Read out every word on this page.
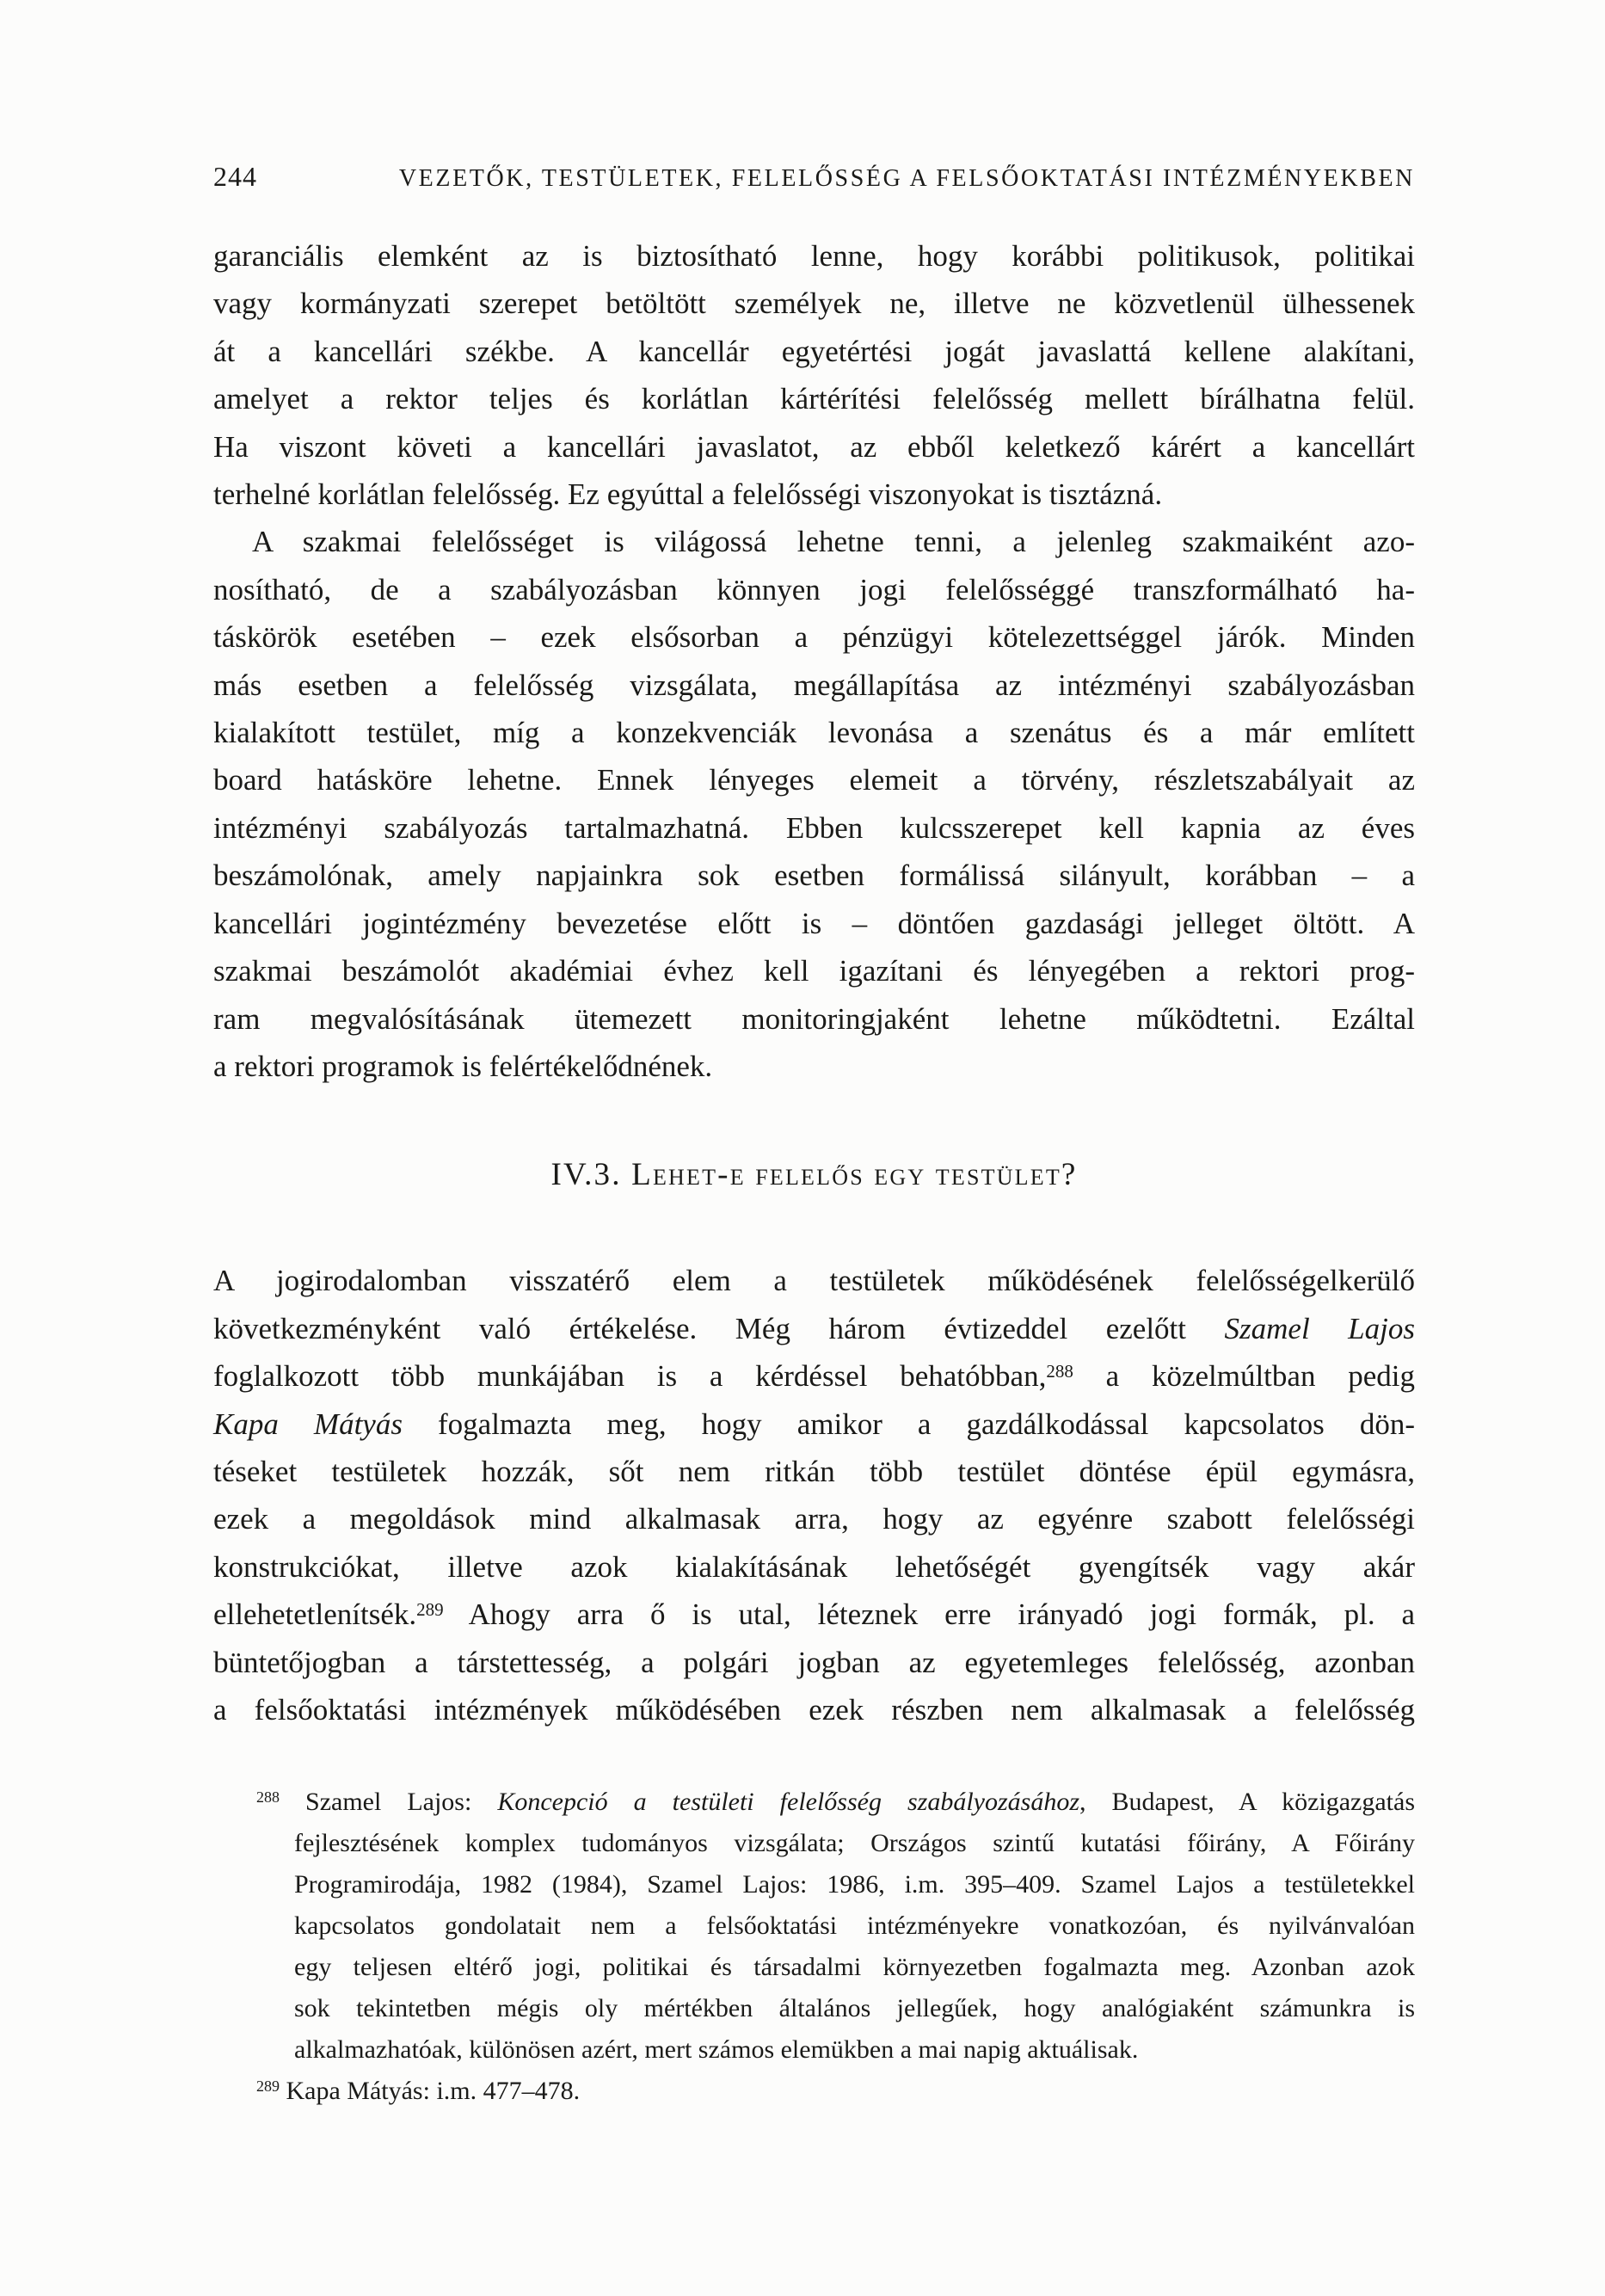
244	VEZETŐK, TESTÜLETEK, FELELŐSSÉG A FELSŐOKTATÁSI INTÉZMÉNYEKBEN
garanciális elemként az is biztosítható lenne, hogy korábbi politikusok, politikai
vagy kormányzati szerepet betöltött személyek ne, illetve ne közvetlenül ülhessenek
át a kancellári székbe. A kancellár egyetértési jogát javaslattá kellene alakítani,
amelyet a rektor teljes és korlátlan kártérítési felelősség mellett bírálhatna felül.
Ha viszont követi a kancellári javaslatot, az ebből keletkező kárért a kancellárt
terhelné korlátlan felelősség. Ez egyúttal a felelősségi viszonyokat is tisztázná.
A szakmai felelősséget is világossá lehetne tenni, a jelenleg szakmaiként azo-
nosítható, de a szabályozásban könnyen jogi felelősséggé transzformálható ha-
táskörök esetében – ezek elsősorban a pénzügyi kötelezettséggel járók. Minden
más esetben a felelősség vizsgálata, megállapítása az intézményi szabályozásban
kialakított testület, míg a konzekvenciák levonása a szenátus és a már említett
board hatásköre lehetne. Ennek lényeges elemeit a törvény, részletszabályait az
intézményi szabályozás tartalmazhatná. Ebben kulcsszerepet kell kapnia az éves
beszámolónak, amely napjainkra sok esetben formálissá silányult, korábban – a
kancellári jogintézmény bevezetése előtt is – döntően gazdasági jelleget öltött. A
szakmai beszámolót akadémiai évhez kell igazítani és lényegében a rektori prog-
ram megvalósításának ütemezett monitoringjaként lehetne működtetni. Ezáltal
a rektori programok is felértékelődnének.
IV.3. Lehet-e felelős egy testület?
A jogirodalomban visszatérő elem a testületek működésének felelősségelkerülő
következményként való értékelése. Még három évtizeddel ezelőtt Szamel Lajos
foglalkozott több munkájában is a kérdéssel behatóbban,$^{288}$ a közelmúltban pedig
Kapa Mátyás fogalmazta meg, hogy amikor a gazdálkodással kapcsolatos dön-
téseket testületek hozzák, sőt nem ritkán több testület döntése épül egymásra,
ezek a megoldások mind alkalmasak arra, hogy az egyénre szabott felelősségi
konstrukciókat, illetve azok kialakításának lehetőségét gyengítsék vagy akár
ellehetetlenítsék.$^{289}$ Ahogy arra ő is utal, léteznek erre irányadó jogi formák, pl. a
büntetőjogban a társtettesség, a polgári jogban az egyetemleges felelősség, azonban
a felsőoktatási intézmények működésében ezek részben nem alkalmasak a felelősség
$^{288}$ Szamel Lajos: Koncepció a testületi felelősség szabályozásához, Budapest, A közigazgatás
fejlesztésének komplex tudományos vizsgálata; Országos szintű kutatási főirány, A Főirány
Programirodája, 1982 (1984), Szamel Lajos: 1986, i.m. 395–409. Szamel Lajos a testületekkel
kapcsolatos gondolatait nem a felsőoktatási intézményekre vonatkozóan, és nyilvánvalóan
egy teljesen eltérő jogi, politikai és társadalmi környezetben fogalmazta meg. Azonban azok
sok tekintetben mégis oly mértékben általános jellegűek, hogy analógiaként számunkra is
alkalmazhatóak, különösen azért, mert számos elemükben a mai napig aktuálisak.
$^{289}$ Kapa Mátyás: i.m. 477–478.
